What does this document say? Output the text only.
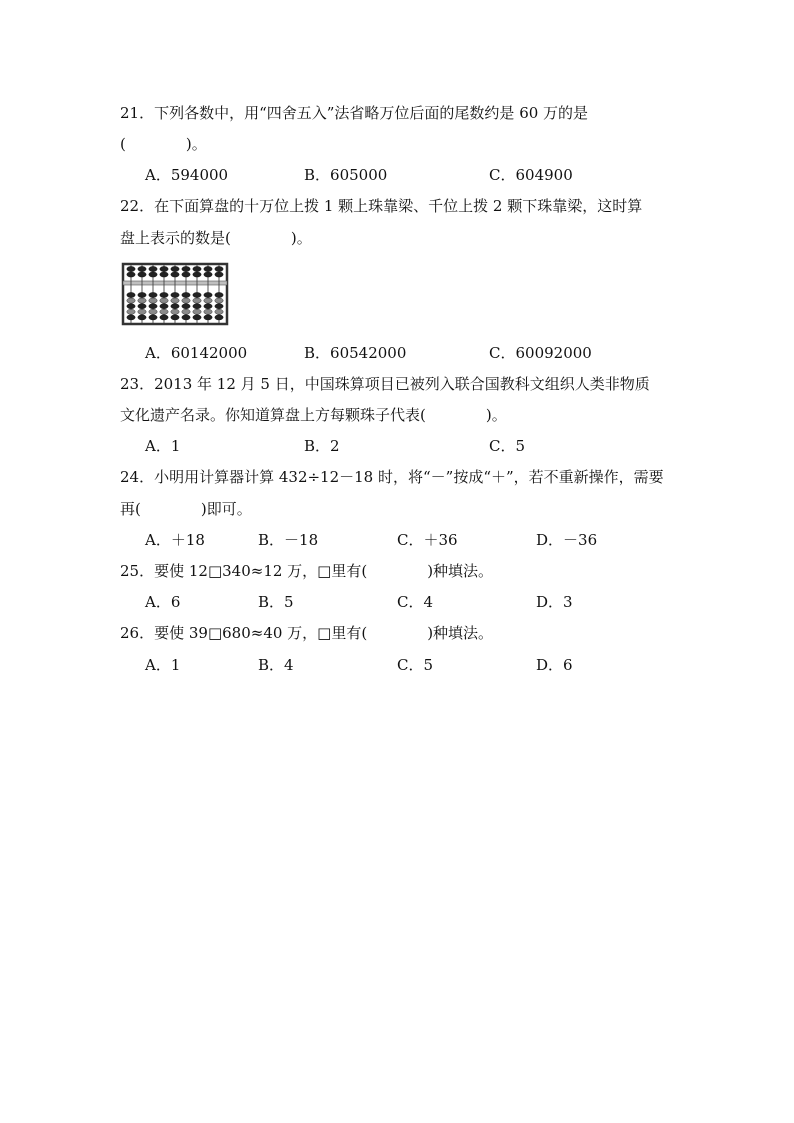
21．下列各数中，用“四舍五入”法省略万位后面的尾数约是 60 万的是
(　　　　)。
A．594000	B．605000	C．604900
22．在下面算盘的十万位上拨 1 颗上珠靠梁、千位上拨 2 颗下珠靠梁，这时算
盘上表示的数是(　　　　)。
A．60142000	B．60542000	C．60092000
23．2013 年 12 月 5 日，中国珠算项目已被列入联合国教科文组织人类非物质
文化遗产名录。你知道算盘上方每颗珠子代表(　　　　)。
A．1	B．2	C．5
24．小明用计算器计算 432÷12－18 时，将“－”按成“＋”，若不重新操作，需要
再(　　　　)即可。
A．＋18	B．－18	C．＋36	D．－36
25．要使 12□340≈12 万，□里有(　　　　)种填法。
A．6	B．5	C．4	D．3
26．要使 39□680≈40 万，□里有(　　　　)种填法。
A．1	B．4	C．5	D．6
